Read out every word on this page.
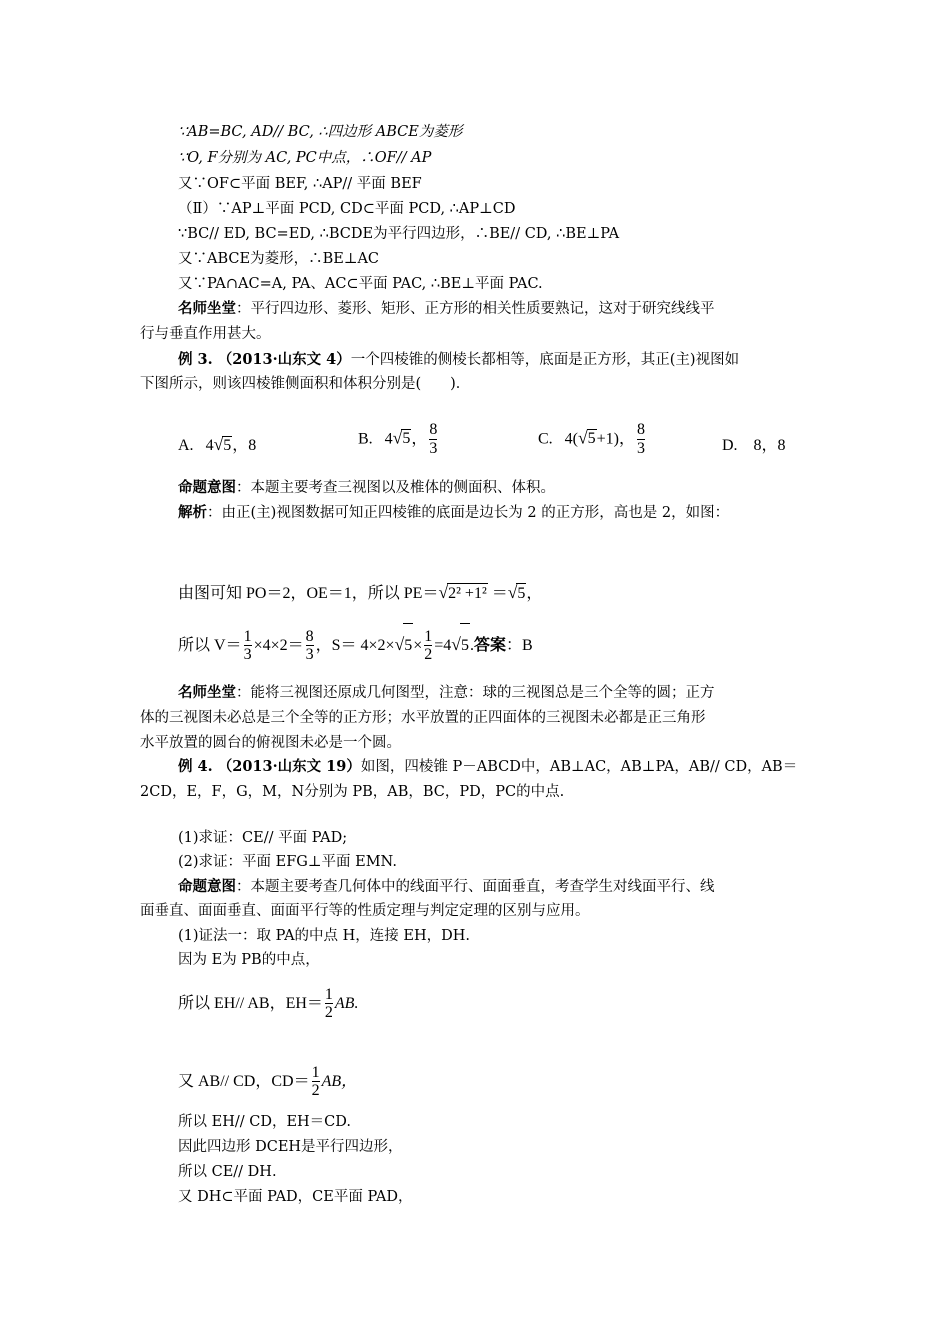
∵AB=BC, AD// BC, ∴四边形 ABCE为菱形
∵O, F分别为 AC, PC中点，∴OF// AP
又∵OF⊂平面 BEF, ∴AP// 平面 BEF
（Ⅱ）∵AP⊥平面 PCD, CD⊂平面 PCD, ∴AP⊥CD
∵BC// ED, BC=ED, ∴BCDE为平行四边形，∴BE// CD, ∴BE⊥PA
又∵ABCE为菱形，∴BE⊥AC
又∵PA∩AC=A, PA、AC⊂平面 PAC, ∴BE⊥平面 PAC.
名师坐堂：平行四边形、菱形、矩形、正方形的相关性质要熟记，这对于研究线线平
行与垂直作用甚大。
例 3. （2013·山东文 4）一个四棱锥的侧棱长都相等，底面是正方形，其正(主)视图如
下图所示，则该四棱锥侧面积和体积分别是(　　)．
A. 4√5，8	B. 4√5， $\frac{8}{3}$	C. 4(√5+1)， $\frac{8}{3}$	D.　8，8
命题意图：本题主要考查三视图以及椎体的侧面积、体积。
解析：由正(主)视图数据可知正四棱锥的底面是边长为 2 的正方形，高也是 2，如图：
由图可知 PO＝2，OE＝1，所以 PE＝√2² +1² ＝√5，
所以 $V= \frac{1}{3} \times 4\times 2= \frac{8}{3}$ ，$S= 4\times 2\times√5\times \frac{1}{2} =4√5$.答案：B
名师坐堂：能将三视图还原成几何图型，注意：球的三视图总是三个全等的圆；正方
体的三视图未必总是三个全等的正方形；水平放置的正四面体的三视图未必都是正三角形
水平放置的圆台的俯视图未必是一个圆。
例 4. （2013·山东文 19）如图，四棱锥 P－ABCD中，AB⊥AC，AB⊥PA，AB// CD，AB＝
2CD，E，F，G，M，N分别为 PB，AB，BC，PD，PC的中点.
(1)求证：CE// 平面 PAD;
(2)求证：平面 EFG⊥平面 EMN.
命题意图：本题主要考查几何体中的线面平行、面面垂直，考查学生对线面平行、线
面垂直、面面垂直、面面平行等的性质定理与判定定理的区别与应用。
(1)证法一：取 PA的中点 H，连接 EH，DH.
因为 E为 PB的中点，
所以 EH// AB，$EH= \frac{1}{2}$ AB.
又 AB// CD，$CD= \frac{1}{2}$ AB，
所以 EH// CD，EH＝CD.
因此四边形 DCEH是平行四边形，
所以 CE// DH.
又 DH⊂平面 PAD，CE平面 PAD，
